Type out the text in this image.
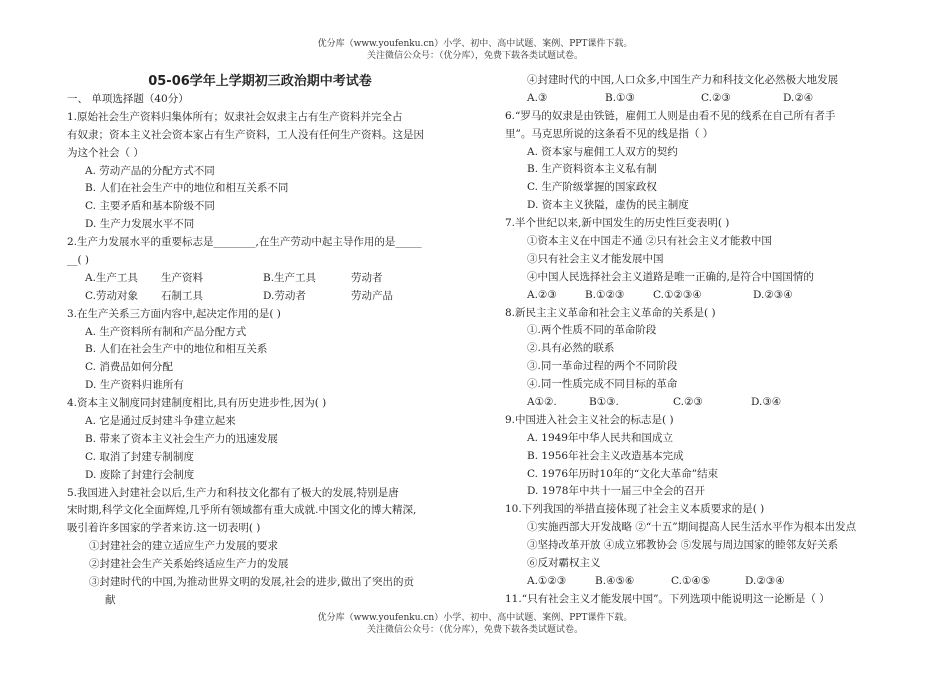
优分库（www.youfenku.cn）小学、初中、高中试题、案例、PPT课件下载。
关注微信公众号：（优分库），免费下载各类试题试卷。
05-06学年上学期初三政治期中考试卷
一、 单项选择题（40分）
1.原始社会生产资料归集体所有；奴隶社会奴隶主占有生产资料并完全占
有奴隶；资本主义社会资本家占有生产资料，工人没有任何生产资料。这是因
为这个社会（ ）
A. 劳动产品的分配方式不同
B. 人们在社会生产中的地位和相互关系不同
C. 主要矛盾和基本阶级不同
D. 生产力发展水平不同
2.生产力发展水平的重要标志是________,在生产劳动中起主导作用的是_____
__( )
A.生产工具	生产资料	B.生产工具	劳动者
C.劳动对象	石制工具	D.劳动者	劳动产品
3.在生产关系三方面内容中,起决定作用的是( )
A. 生产资料所有制和产品分配方式
B. 人们在社会生产中的地位和相互关系
C. 消费品如何分配
D. 生产资料归谁所有
4.资本主义制度同封建制度相比,具有历史进步性,因为( )
A. 它是通过反封建斗争建立起来
B. 带来了资本主义社会生产力的迅速发展
C. 取消了封建专制制度
D. 废除了封建行会制度
5.我国进入封建社会以后,生产力和科技文化都有了极大的发展,特别是唐
宋时期,科学文化全面辉煌,几乎所有领域都有重大成就.中国文化的博大精深,
吸引着许多国家的学者来访.这一切表明( )
①封建社会的建立适应生产力发展的要求
②封建社会生产关系始终适应生产力的发展
③封建时代的中国,为推动世界文明的发展,社会的进步,做出了突出的贡
献
④封建时代的中国,人口众多,中国生产力和科技文化必然极大地发展
A.③	B.①③	C.②③	D.②④
6.“罗马的奴隶是由铁链，雇佣工人则是由看不见的线系在自己所有者手
里”。马克思所说的这条看不见的线是指（ ）
A. 资本家与雇佣工人双方的契约
B. 生产资料资本主义私有制
C. 生产阶级掌握的国家政权
D. 资本主义狭隘，虚伪的民主制度
7.半个世纪以来,新中国发生的历史性巨变表明( )
①资本主义在中国走不通 ②只有社会主义才能救中国
③只有社会主义才能发展中国
④中国人民选择社会主义道路是唯一正确的,是符合中国国情的
A.②③	B.①②③	C.①②③④	D.②③④
8.新民主主义革命和社会主义革命的关系是( )
①.两个性质不同的革命阶段
②.具有必然的联系
③.同一革命过程的两个不同阶段
④.同一性质完成不同目标的革命
A①②.	B①③.	C.②③	D.③④
9.中国进入社会主义社会的标志是( )
A. 1949年中华人民共和国成立
B. 1956年社会主义改造基本完成
C. 1976年历时10年的“文化大革命”结束
D. 1978年中共十一届三中全会的召开
10.下列我国的举措直接体现了社会主义本质要求的是( )
①实施西部大开发战略 ②“十五”期间提高人民生活水平作为根本出发点
③坚持改革开放 ④成立邪教协会 ⑤发展与周边国家的睦邻友好关系
⑥反对霸权主义
A.①②③	B.④⑤⑥	C.①④⑤	D.②③④
11.“只有社会主义才能发展中国”。下列选项中能说明这一论断是（ ）
优分库（www.youfenku.cn）小学、初中、高中试题、案例、PPT课件下载。
关注微信公众号：（优分库），免费下载各类试题试卷。
